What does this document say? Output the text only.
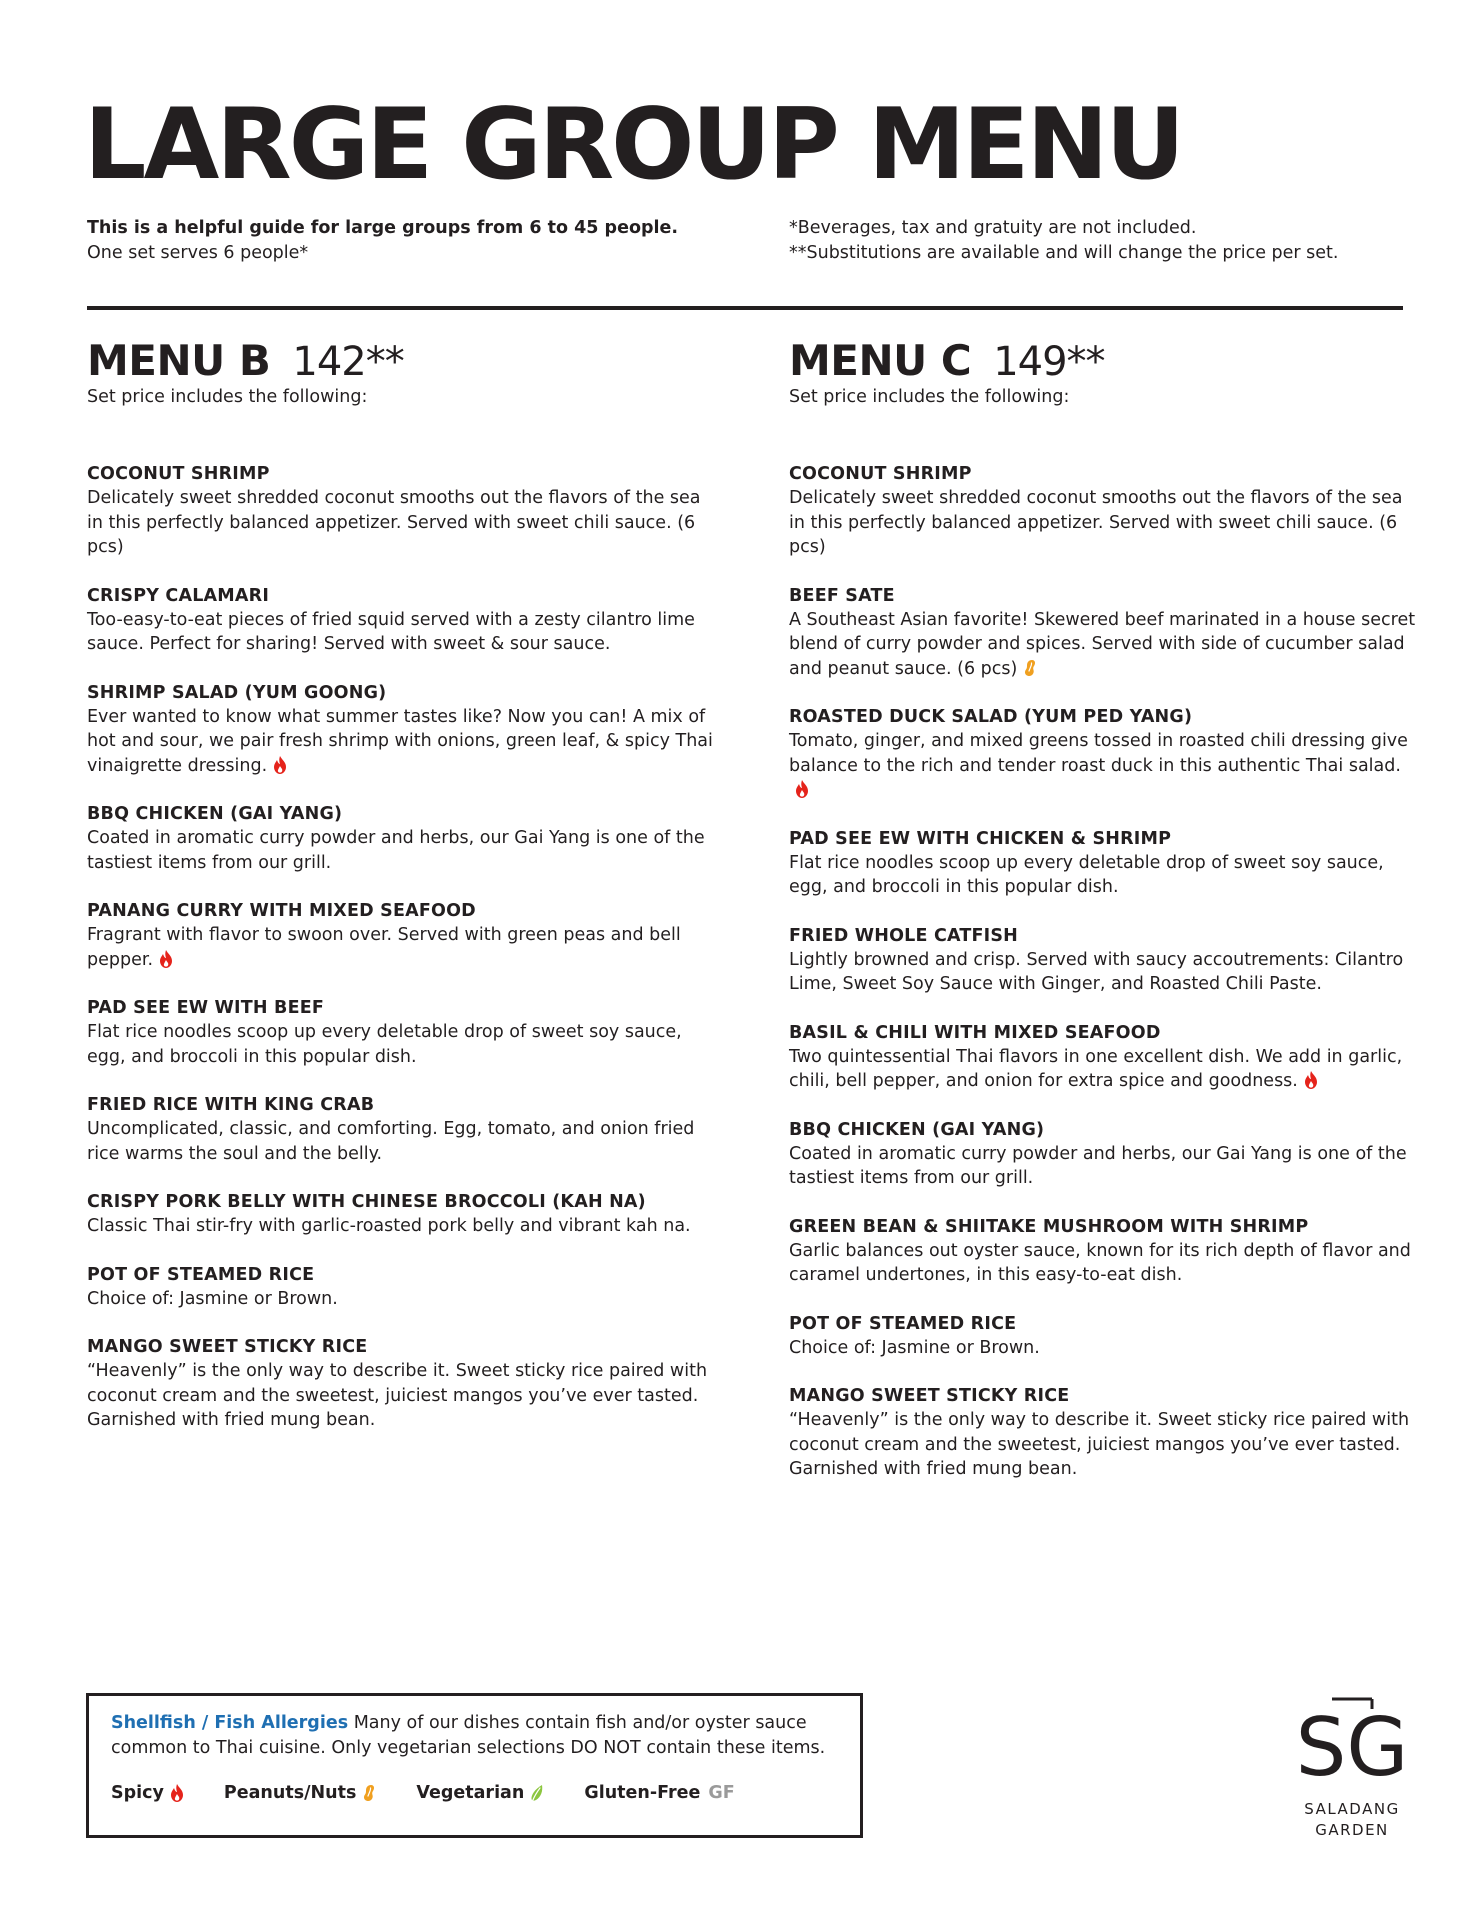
LARGE GROUP MENU
This is a helpful guide for large groups from 6 to 45 people.
One set serves 6 people*
*Beverages, tax and gratuity are not included.
**Substitutions are available and will change the price per set.
MENU B 142**
Set price includes the following:
COCONUT SHRIMP
Delicately sweet shredded coconut smooths out the flavors of the sea in this perfectly balanced appetizer. Served with sweet chili sauce. (6 pcs)
CRISPY CALAMARI
Too-easy-to-eat pieces of fried squid served with a zesty cilantro lime sauce. Perfect for sharing! Served with sweet & sour sauce.
SHRIMP SALAD (YUM GOONG)
Ever wanted to know what summer tastes like? Now you can! A mix of hot and sour, we pair fresh shrimp with onions, green leaf, & spicy Thai vinaigrette dressing.
BBQ CHICKEN (GAI YANG)
Coated in aromatic curry powder and herbs, our Gai Yang is one of the tastiest items from our grill.
PANANG CURRY WITH MIXED SEAFOOD
Fragrant with flavor to swoon over. Served with green peas and bell pepper.
PAD SEE EW WITH BEEF
Flat rice noodles scoop up every deletable drop of sweet soy sauce, egg, and broccoli in this popular dish.
FRIED RICE WITH KING CRAB
Uncomplicated, classic, and comforting. Egg, tomato, and onion fried rice warms the soul and the belly.
CRISPY PORK BELLY WITH CHINESE BROCCOLI (KAH NA)
Classic Thai stir-fry with garlic-roasted pork belly and vibrant kah na.
POT OF STEAMED RICE
Choice of: Jasmine or Brown.
MANGO SWEET STICKY RICE
“Heavenly” is the only way to describe it. Sweet sticky rice paired with coconut cream and the sweetest, juiciest mangos you’ve ever tasted. Garnished with fried mung bean.
MENU C 149**
Set price includes the following:
COCONUT SHRIMP
Delicately sweet shredded coconut smooths out the flavors of the sea in this perfectly balanced appetizer. Served with sweet chili sauce. (6 pcs)
BEEF SATE
A Southeast Asian favorite! Skewered beef marinated in a house secret blend of curry powder and spices. Served with side of cucumber salad and peanut sauce. (6 pcs)
ROASTED DUCK SALAD (YUM PED YANG)
Tomato, ginger, and mixed greens tossed in roasted chili dressing give balance to the rich and tender roast duck in this authentic Thai salad.
PAD SEE EW WITH CHICKEN & SHRIMP
Flat rice noodles scoop up every deletable drop of sweet soy sauce, egg, and broccoli in this popular dish.
FRIED WHOLE CATFISH
Lightly browned and crisp. Served with saucy accoutrements: Cilantro Lime, Sweet Soy Sauce with Ginger, and Roasted Chili Paste.
BASIL & CHILI WITH MIXED SEAFOOD
Two quintessential Thai flavors in one excellent dish. We add in garlic, chili, bell pepper, and onion for extra spice and goodness.
BBQ CHICKEN (GAI YANG)
Coated in aromatic curry powder and herbs, our Gai Yang is one of the tastiest items from our grill.
GREEN BEAN & SHIITAKE MUSHROOM WITH SHRIMP
Garlic balances out oyster sauce, known for its rich depth of flavor and caramel undertones, in this easy-to-eat dish.
POT OF STEAMED RICE
Choice of: Jasmine or Brown.
MANGO SWEET STICKY RICE
“Heavenly” is the only way to describe it. Sweet sticky rice paired with coconut cream and the sweetest, juiciest mangos you’ve ever tasted. Garnished with fried mung bean.
Shellfish / Fish Allergies Many of our dishes contain fish and/or oyster sauce common to Thai cuisine. Only vegetarian selections DO NOT contain these items.
Spicy	Peanuts/Nuts	Vegetarian	Gluten-Free GF	SG
SALADANG
GARDEN
